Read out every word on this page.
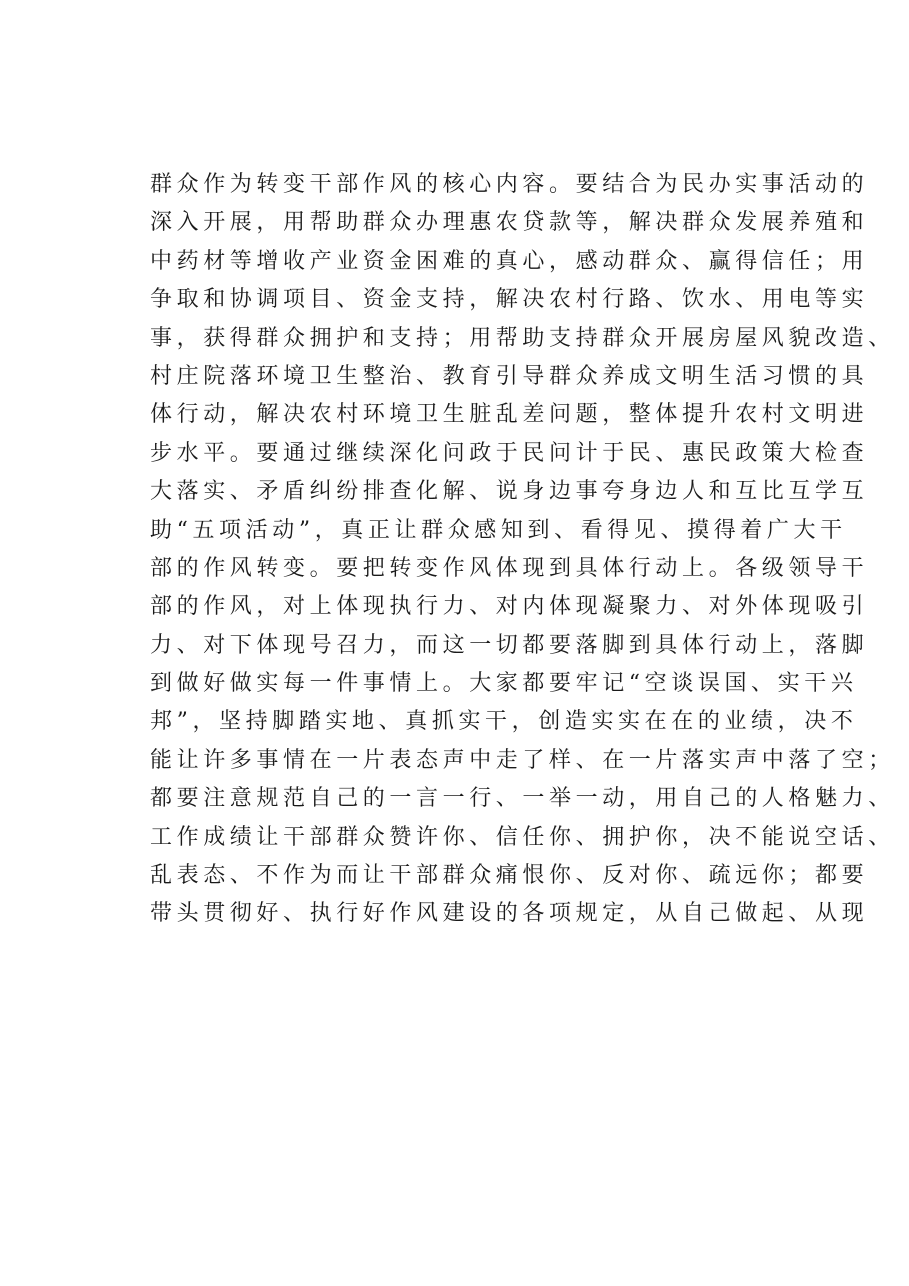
群众作为转变干部作风的核心内容。要结合为民办实事活动的
深入开展，用帮助群众办理惠农贷款等，解决群众发展养殖和
中药材等增收产业资金困难的真心，感动群众、赢得信任；用
争取和协调项目、资金支持，解决农村行路、饮水、用电等实
事，获得群众拥护和支持；用帮助支持群众开展房屋风貌改造、
村庄院落环境卫生整治、教育引导群众养成文明生活习惯的具
体行动，解决农村环境卫生脏乱差问题，整体提升农村文明进
步水平。要通过继续深化问政于民问计于民、惠民政策大检查
大落实、矛盾纠纷排查化解、说身边事夸身边人和互比互学互
助“五项活动”，真正让群众感知到、看得见、摸得着广大干
部的作风转变。要把转变作风体现到具体行动上。各级领导干
部的作风，对上体现执行力、对内体现凝聚力、对外体现吸引
力、对下体现号召力，而这一切都要落脚到具体行动上，落脚
到做好做实每一件事情上。大家都要牢记“空谈误国、实干兴
邦”，坚持脚踏实地、真抓实干，创造实实在在的业绩，决不
能让许多事情在一片表态声中走了样、在一片落实声中落了空；
都要注意规范自己的一言一行、一举一动，用自己的人格魅力、
工作成绩让干部群众赞许你、信任你、拥护你，决不能说空话、
乱表态、不作为而让干部群众痛恨你、反对你、疏远你；都要
带头贯彻好、执行好作风建设的各项规定，从自己做起、从现
